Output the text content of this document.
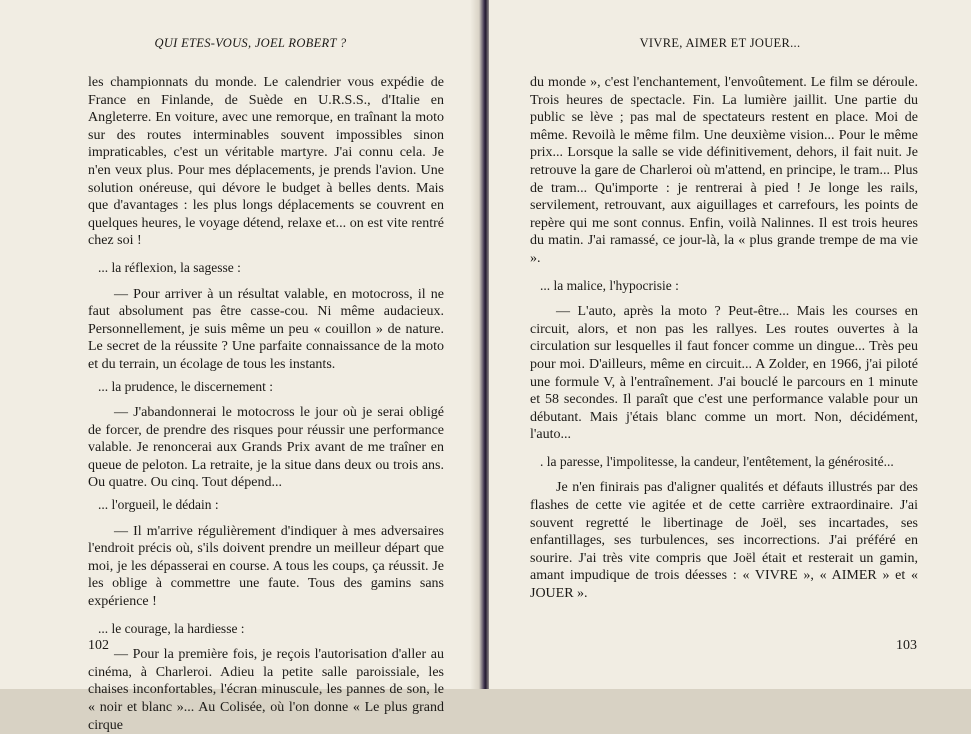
QUI ETES-VOUS, JOEL ROBERT ?

les championnats du monde. Le calendrier vous expédie de France en Finlande, de Suède en U.R.S.S., d'Italie en Angleterre. En voiture, avec une remorque, en traînant la moto sur des routes interminables souvent impossibles sinon impraticables, c'est un véritable martyre. J'ai connu cela. Je n'en veux plus. Pour mes déplacements, je prends l'avion. Une solution onéreuse, qui dévore le budget à belles dents. Mais que d'avantages : les plus longs déplacements se couvrent en quelques heures, le voyage détend, relaxe et... on est vite rentré chez soi !

... la réflexion, la sagesse :

— Pour arriver à un résultat valable, en motocross, il ne faut absolument pas être casse-cou. Ni même audacieux. Personnellement, je suis même un peu « couillon » de nature. Le secret de la réussite ? Une parfaite connaissance de la moto et du terrain, un écolage de tous les instants.

... la prudence, le discernement :

— J'abandonnerai le motocross le jour où je serai obligé de forcer, de prendre des risques pour réussir une performance valable. Je renoncerai aux Grands Prix avant de me traîner en queue de peloton. La retraite, je la situe dans deux ou trois ans. Ou quatre. Ou cinq. Tout dépend...

... l'orgueil, le dédain :

— Il m'arrive régulièrement d'indiquer à mes adversaires l'endroit précis où, s'ils doivent prendre un meilleur départ que moi, je les dépasserai en course. A tous les coups, ça réussit. Je les oblige à commettre une faute. Tous des gamins sans expérience !

... le courage, la hardiesse :

— Pour la première fois, je reçois l'autorisation d'aller au cinéma, à Charleroi. Adieu la petite salle paroissiale, les chaises inconfortables, l'écran minuscule, les pannes de son, le « noir et blanc »... Au Colisée, où l'on donne « Le plus grand cirque

102
VIVRE, AIMER ET JOUER...

du monde », c'est l'enchantement, l'envoûtement. Le film se déroule. Trois heures de spectacle. Fin. La lumière jaillit. Une partie du public se lève ; pas mal de spectateurs restent en place. Moi de même. Revoilà le même film. Une deuxième vision... Pour le même prix... Lorsque la salle se vide définitivement, dehors, il fait nuit. Je retrouve la gare de Charleroi où m'attend, en principe, le tram... Plus de tram... Qu'importe : je rentrerai à pied ! Je longe les rails, servilement, retrouvant, aux aiguillages et carrefours, les points de repère qui me sont connus. Enfin, voilà Nalinnes. Il est trois heures du matin. J'ai ramassé, ce jour-là, la « plus grande trempe de ma vie ».

... la malice, l'hypocrisie :

— L'auto, après la moto ? Peut-être... Mais les courses en circuit, alors, et non pas les rallyes. Les routes ouvertes à la circulation sur lesquelles il faut foncer comme un dingue... Très peu pour moi. D'ailleurs, même en circuit... A Zolder, en 1966, j'ai piloté une formule V, à l'entraînement. J'ai bouclé le parcours en 1 minute et 58 secondes. Il paraît que c'est une performance valable pour un débutant. Mais j'étais blanc comme un mort. Non, décidément, l'auto...

. la paresse, l'impolitesse, la candeur, l'entêtement, la générosité...

Je n'en finirais pas d'aligner qualités et défauts illustrés par des flashes de cette vie agitée et de cette carrière extraordinaire. J'ai souvent regretté le libertinage de Joël, ses incartades, ses enfantillages, ses turbulences, ses incorrections. J'ai préféré en sourire. J'ai très vite compris que Joël était et resterait un gamin, amant impudique de trois déesses : « VIVRE », « AIMER » et « JOUER ».

103
